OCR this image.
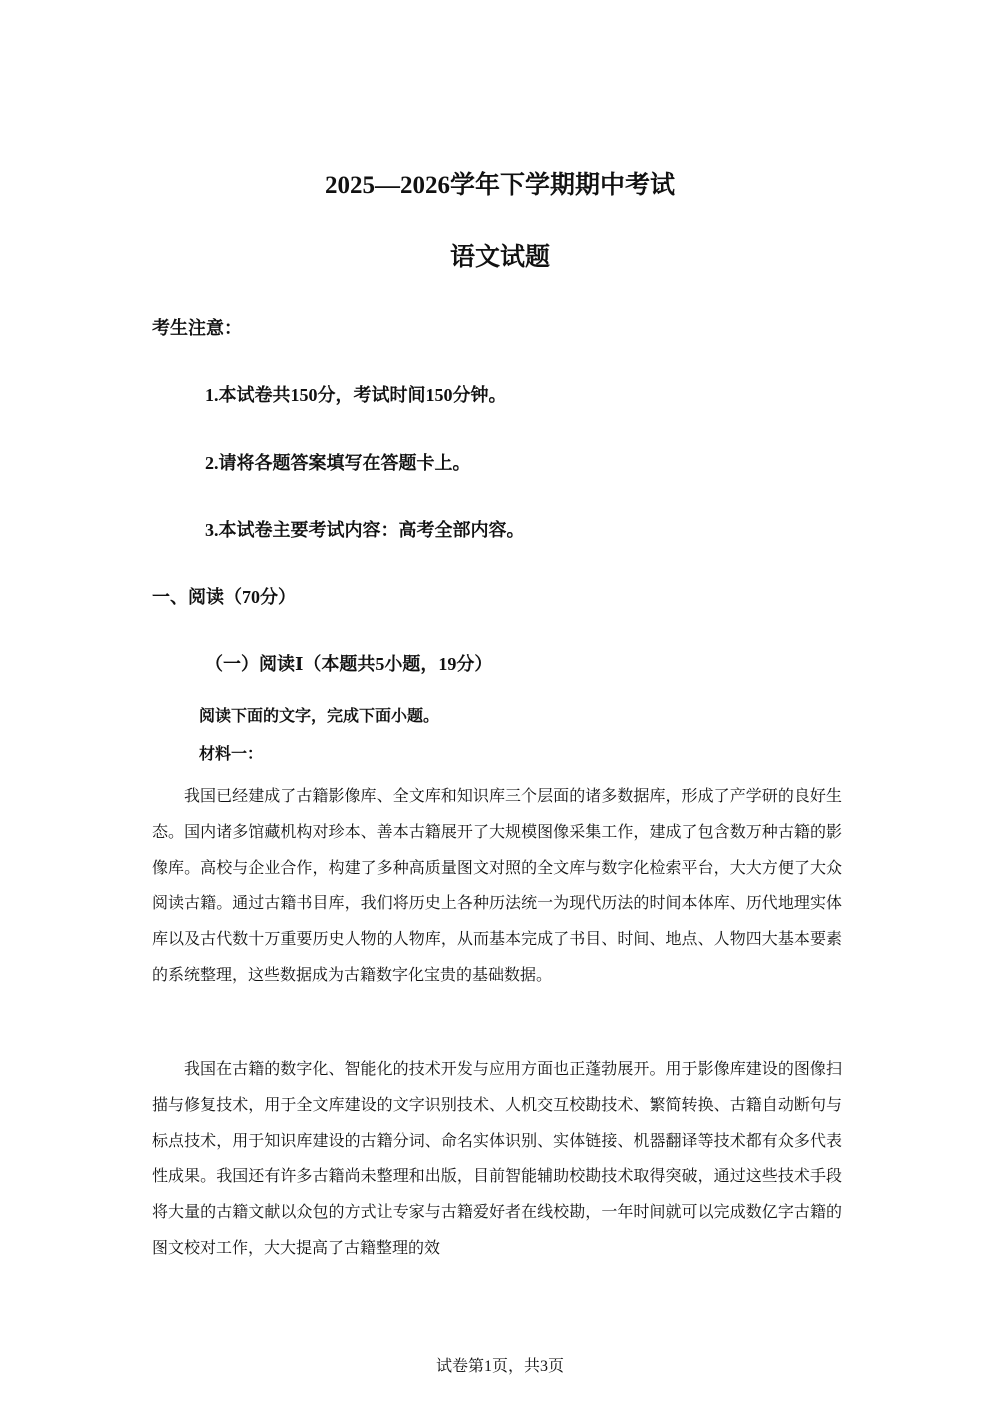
2025—2026学年下学期期中考试
语文试题
考生注意：
1.本试卷共150分，考试时间150分钟。
2.请将各题答案填写在答题卡上。
3.本试卷主要考试内容：高考全部内容。
一、阅读（70分）
（一）阅读Ⅰ（本题共5小题，19分）
阅读下面的文字，完成下面小题。
材料一：

我国已经建成了古籍影像库、全文库和知识库三个层面的诸多数据库，形成了产学研的良好生态。国内诸多馆藏机构对珍本、善本古籍展开了大规模图像采集工作，建成了包含数万种古籍的影像库。高校与企业合作，构建了多种高质量图文对照的全文库与数字化检索平台，大大方便了大众阅读古籍。通过古籍书目库，我们将历史上各种历法统一为现代历法的时间本体库、历代地理实体库以及古代数十万重要历史人物的人物库，从而基本完成了书目、时间、地点、人物四大基本要素的系统整理，这些数据成为古籍数字化宝贵的基础数据。

我国在古籍的数字化、智能化的技术开发与应用方面也正蓬勃展开。用于影像库建设的图像扫描与修复技术，用于全文库建设的文字识别技术、人机交互校勘技术、繁简转换、古籍自动断句与标点技术，用于知识库建设的古籍分词、命名实体识别、实体链接、机器翻译等技术都有众多代表性成果。我国还有许多古籍尚未整理和出版，目前智能辅助校勘技术取得突破，通过这些技术手段将大量的古籍文献以众包的方式让专家与古籍爱好者在线校勘，一年时间就可以完成数亿字古籍的图文校对工作，大大提高了古籍整理的效

试卷第1页，共3页
